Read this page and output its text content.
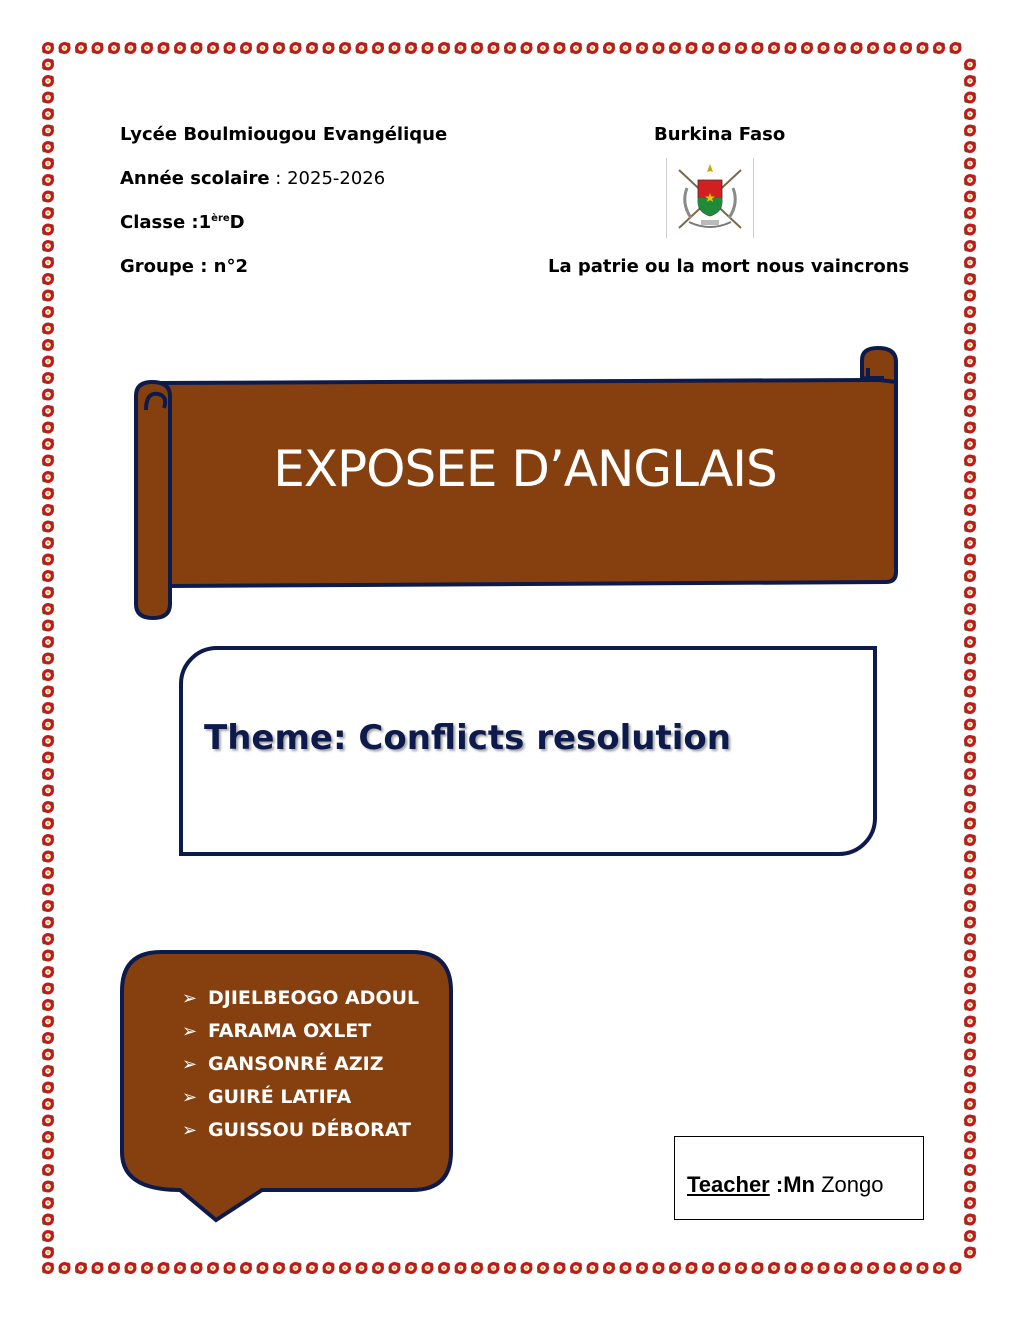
Lycée Boulmiougou Evangélique	Burkina Faso
Année scolaire : 2025-2026
Classe :1èreD
Groupe : n°2	La patrie ou la mort nous vaincrons
EXPOSEE D’ANGLAIS
Theme: Conflicts resolution
➢ DJIELBEOGO ADOUL
➢ FARAMA OXLET
➢ GANSONRÉ AZIZ
➢ GUIRÉ LATIFA
➢ GUISSOU DÉBORAT
Teacher :Mn Zongo
